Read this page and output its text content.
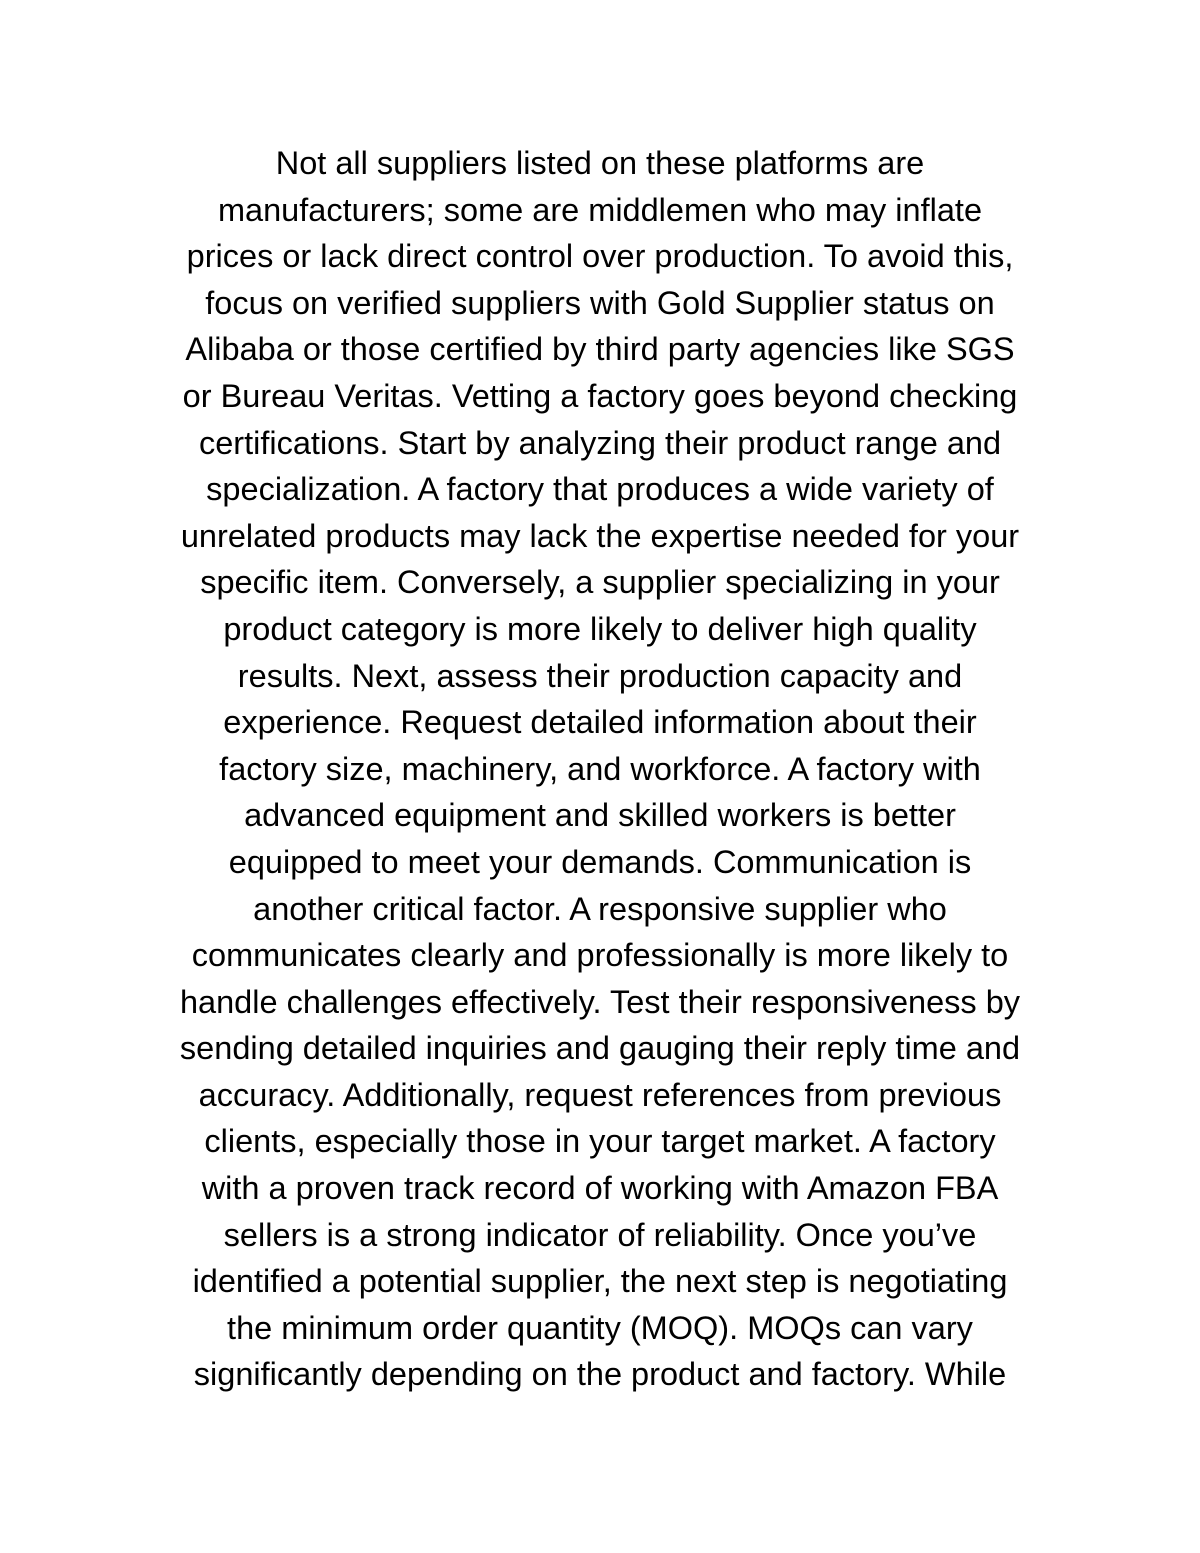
Not all suppliers listed on these platforms are
manufacturers; some are middlemen who may inflate
prices or lack direct control over production. To avoid this,
focus on verified suppliers with Gold Supplier status on
Alibaba or those certified by third party agencies like SGS
or Bureau Veritas. Vetting a factory goes beyond checking
certifications. Start by analyzing their product range and
specialization. A factory that produces a wide variety of
unrelated products may lack the expertise needed for your
specific item. Conversely, a supplier specializing in your
product category is more likely to deliver high quality
results. Next, assess their production capacity and
experience. Request detailed information about their
factory size, machinery, and workforce. A factory with
advanced equipment and skilled workers is better
equipped to meet your demands. Communication is
another critical factor. A responsive supplier who
communicates clearly and professionally is more likely to
handle challenges effectively. Test their responsiveness by
sending detailed inquiries and gauging their reply time and
accuracy. Additionally, request references from previous
clients, especially those in your target market. A factory
with a proven track record of working with Amazon FBA
sellers is a strong indicator of reliability. Once you’ve
identified a potential supplier, the next step is negotiating
the minimum order quantity (MOQ). MOQs can vary
significantly depending on the product and factory. While
